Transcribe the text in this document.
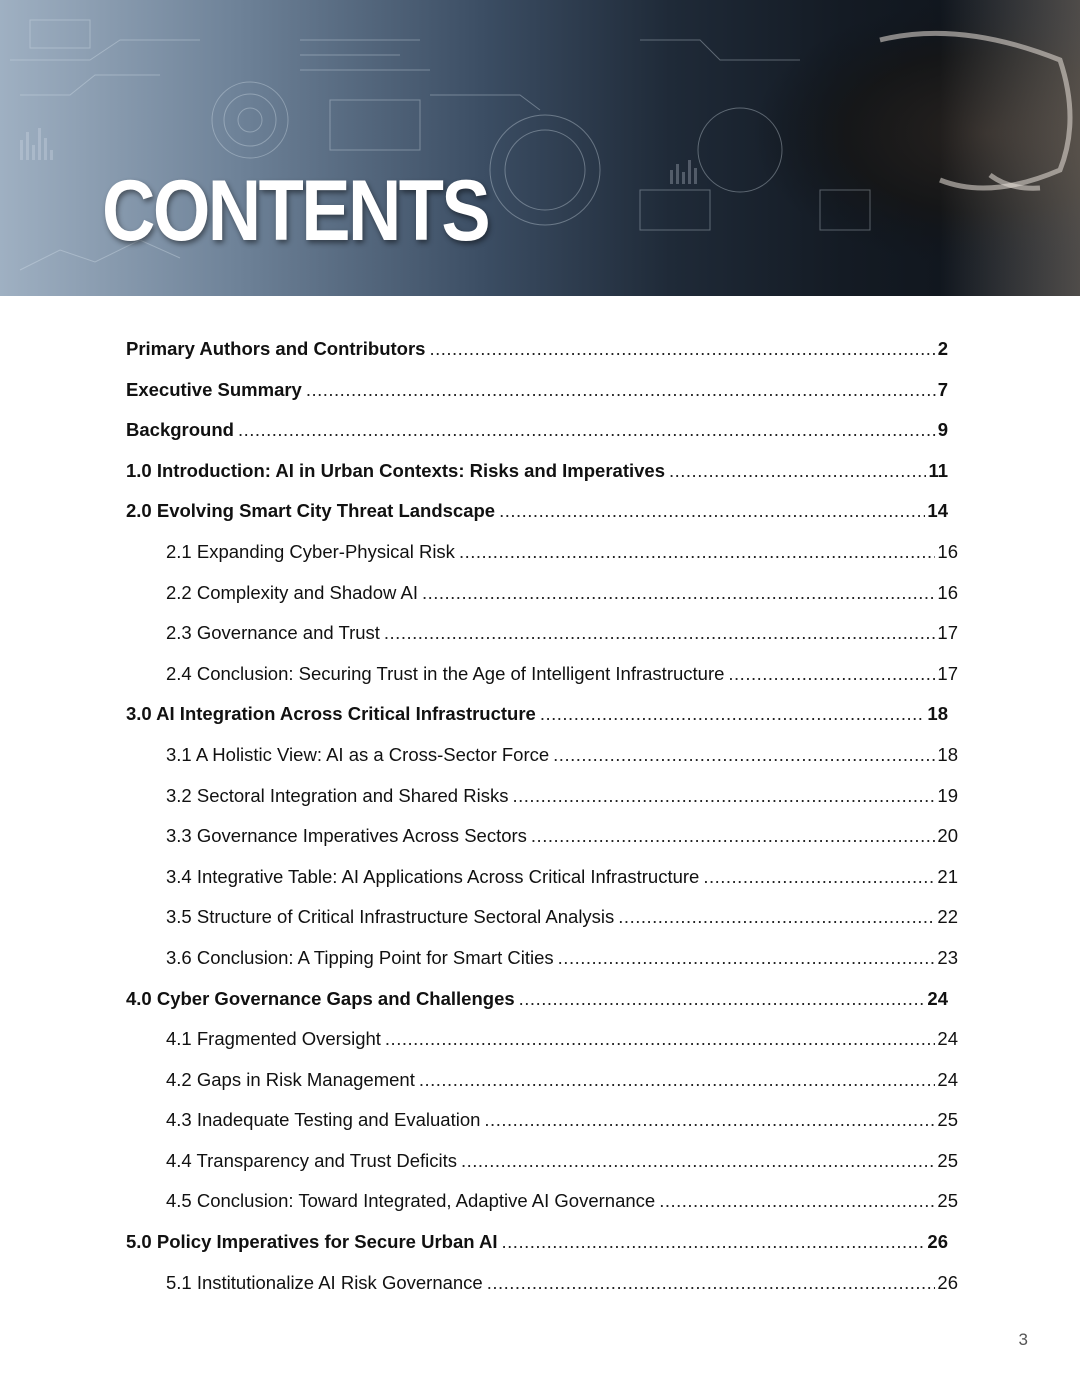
CONTENTS
Primary Authors and Contributors .....	2
Executive Summary .....	7
Background .....	9
1.0 Introduction: AI in Urban Contexts: Risks and Imperatives .....	11
2.0 Evolving Smart City Threat Landscape .....	14
2.1 Expanding Cyber-Physical Risk .....	16
2.2 Complexity and Shadow AI .....	16
2.3 Governance and Trust .....	17
2.4 Conclusion: Securing Trust in the Age of Intelligent Infrastructure .....	17
3.0 AI Integration Across Critical Infrastructure .....	18
3.1 A Holistic View: AI as a Cross-Sector Force .....	18
3.2 Sectoral Integration and Shared Risks .....	19
3.3 Governance Imperatives Across Sectors .....	20
3.4 Integrative Table: AI Applications Across Critical Infrastructure .....	21
3.5 Structure of Critical Infrastructure Sectoral Analysis .....	22
3.6 Conclusion: A Tipping Point for Smart Cities .....	23
4.0 Cyber Governance Gaps and Challenges .....	24
4.1 Fragmented Oversight .....	24
4.2 Gaps in Risk Management .....	24
4.3 Inadequate Testing and Evaluation .....	25
4.4 Transparency and Trust Deficits .....	25
4.5 Conclusion: Toward Integrated, Adaptive AI Governance .....	25
5.0 Policy Imperatives for Secure Urban AI .....	26
5.1 Institutionalize AI Risk Governance .....	26
3
